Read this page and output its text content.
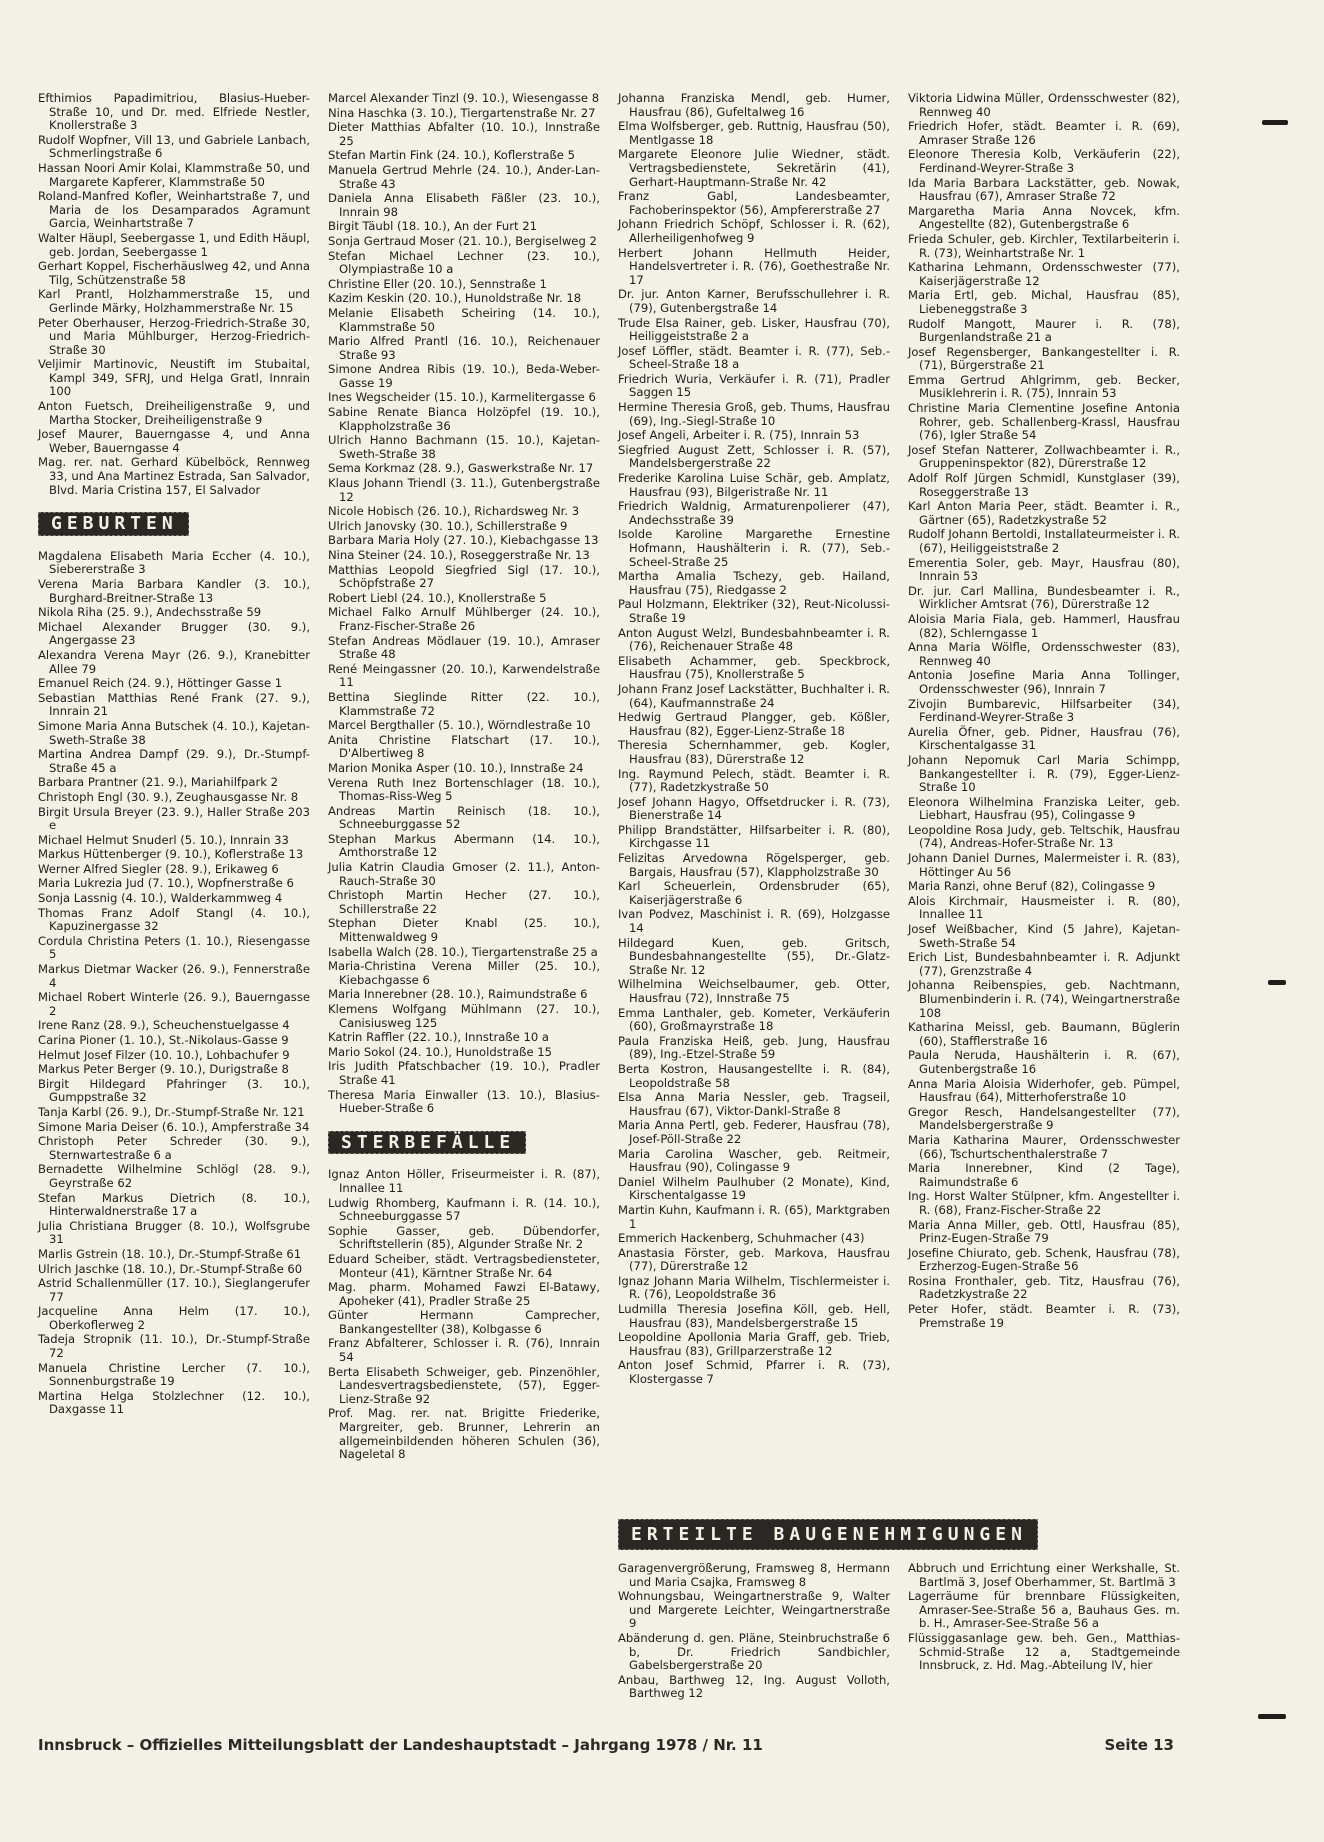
Efthimios Papadimitriou, Blasius-Hueber-Straße 10, und Dr. med. Elfriede Nestler, Knollerstraße 3
Rudolf Wopfner, Vill 13, und Gabriele Lanbach, Schmerlingstraße 6
Hassan Noori Amir Kolai, Klammstraße 50, und Margarete Kapferer, Klammstraße 50
Roland-Manfred Kofler, Weinhartstraße 7, und Maria de los Desamparados Agramunt Garcia, Weinhartstraße 7
Walter Häupl, Seebergasse 1, und Edith Häupl, geb. Jordan, Seebergasse 1
Gerhart Koppel, Fischerhäuslweg 42, und Anna Tilg, Schützenstraße 58
Karl Prantl, Holzhammerstraße 15, und Gerlinde Märky, Holzhammerstraße Nr. 15
Peter Oberhauser, Herzog-Friedrich-Straße 30, und Maria Mühlburger, Herzog-Friedrich-Straße 30
Veljimir Martinovic, Neustift im Stubaital, Kampl 349, SFRJ, und Helga Gratl, Innrain 100
Anton Fuetsch, Dreiheiligenstraße 9, und Martha Stocker, Dreiheiligenstraße 9
Josef Maurer, Bauerngasse 4, und Anna Weber, Bauerngasse 4
Mag. rer. nat. Gerhard Kübelböck, Rennweg 33, und Ana Martinez Estrada, San Salvador, Blvd. Maria Cristina 157, El Salvador
GEBURTEN
Magdalena Elisabeth Maria Eccher (4. 10.), Siebererstraße 3
Verena Maria Barbara Kandler (3. 10.), Burghard-Breitner-Straße 13
Nikola Riha (25. 9.), Andechsstraße 59
Michael Alexander Brugger (30. 9.), Angergasse 23
Alexandra Verena Mayr (26. 9.), Kranebitter Allee 79
Emanuel Reich (24. 9.), Höttinger Gasse 1
Sebastian Matthias René Frank (27. 9.), Innrain 21
Simone Maria Anna Butschek (4. 10.), Kajetan-Sweth-Straße 38
Martina Andrea Dampf (29. 9.), Dr.-Stumpf-Straße 45 a
Barbara Prantner (21. 9.), Mariahilfpark 2
Christoph Engl (30. 9.), Zeughausgasse Nr. 8
Birgit Ursula Breyer (23. 9.), Haller Straße 203 e
Michael Helmut Snuderl (5. 10.), Innrain 33
Markus Hüttenberger (9. 10.), Koflerstraße 13
Werner Alfred Siegler (28. 9.), Erikaweg 6
Maria Lukrezia Jud (7. 10.), Wopfnerstraße 6
Sonja Lassnig (4. 10.), Walderkammweg 4
Thomas Franz Adolf Stangl (4. 10.), Kapuzinergasse 32
Cordula Christina Peters (1. 10.), Riesengasse 5
Markus Dietmar Wacker (26. 9.), Fennerstraße 4
Michael Robert Winterle (26. 9.), Bauerngasse 2
Irene Ranz (28. 9.), Scheuchenstuelgasse 4
Carina Pioner (1. 10.), St.-Nikolaus-Gasse 9
Helmut Josef Filzer (10. 10.), Lohbachufer 9
Markus Peter Berger (9. 10.), Durigstraße 8
Birgit Hildegard Pfahringer (3. 10.), Gumppstraße 32
Tanja Karbl (26. 9.), Dr.-Stumpf-Straße Nr. 121
Simone Maria Deiser (6. 10.), Ampferstraße 34
Christoph Peter Schreder (30. 9.), Sternwartestraße 6 a
Bernadette Wilhelmine Schlögl (28. 9.), Geyrstraße 62
Stefan Markus Dietrich (8. 10.), Hinterwaldnerstraße 17 a
Julia Christiana Brugger (8. 10.), Wolfsgrube 31
Marlis Gstrein (18. 10.), Dr.-Stumpf-Straße 61
Ulrich Jaschke (18. 10.), Dr.-Stumpf-Straße 60
Astrid Schallenmüller (17. 10.), Sieglangerufer 77
Jacqueline Anna Helm (17. 10.), Oberkoflerweg 2
Tadeja Stropnik (11. 10.), Dr.-Stumpf-Straße 72
Manuela Christine Lercher (7. 10.), Sonnenburgstraße 19
Martina Helga Stolzlechner (12. 10.), Daxgasse 11
Marcel Alexander Tinzl (9. 10.), Wiesengasse 8
Nina Haschka (3. 10.), Tiergartenstraße Nr. 27
Dieter Matthias Abfalter (10. 10.), Innstraße 25
Stefan Martin Fink (24. 10.), Koflerstraße 5
Manuela Gertrud Mehrle (24. 10.), Ander-Lan-Straße 43
Daniela Anna Elisabeth Fäßler (23. 10.), Innrain 98
Birgit Täubl (18. 10.), An der Furt 21
Sonja Gertraud Moser (21. 10.), Bergiselweg 2
Stefan Michael Lechner (23. 10.), Olympiastraße 10 a
Christine Eller (20. 10.), Sennstraße 1
Kazim Keskin (20. 10.), Hunoldstraße Nr. 18
Melanie Elisabeth Scheiring (14. 10.), Klammstraße 50
Mario Alfred Prantl (16. 10.), Reichenauer Straße 93
Simone Andrea Ribis (19. 10.), Beda-Weber-Gasse 19
Ines Wegscheider (15. 10.), Karmelitergasse 6
Sabine Renate Bianca Holzöpfel (19. 10.), Klappholzstraße 36
Ulrich Hanno Bachmann (15. 10.), Kajetan-Sweth-Straße 38
Sema Korkmaz (28. 9.), Gaswerkstraße Nr. 17
Klaus Johann Triendl (3. 11.), Gutenbergstraße 12
Nicole Hobisch (26. 10.), Richardsweg Nr. 3
Ulrich Janovsky (30. 10.), Schillerstraße 9
Barbara Maria Holy (27. 10.), Kiebachgasse 13
Nina Steiner (24. 10.), Roseggerstraße Nr. 13
Matthias Leopold Siegfried Sigl (17. 10.), Schöpfstraße 27
Robert Liebl (24. 10.), Knollerstraße 5
Michael Falko Arnulf Mühlberger (24. 10.), Franz-Fischer-Straße 26
Stefan Andreas Mödlauer (19. 10.), Amraser Straße 48
René Meingassner (20. 10.), Karwendelstraße 11
Bettina Sieglinde Ritter (22. 10.), Klammstraße 72
Marcel Bergthaller (5. 10.), Wörndlestraße 10
Anita Christine Flatschart (17. 10.), D'Albertiweg 8
Marion Monika Asper (10. 10.), Innstraße 24
Verena Ruth Inez Bortenschlager (18. 10.), Thomas-Riss-Weg 5
Andreas Martin Reinisch (18. 10.), Schneeburggasse 52
Stephan Markus Abermann (14. 10.), Amthorstraße 12
Julia Katrin Claudia Gmoser (2. 11.), Anton-Rauch-Straße 30
Christoph Martin Hecher (27. 10.), Schillerstraße 22
Stephan Dieter Knabl (25. 10.), Mittenwaldweg 9
Isabella Walch (28. 10.), Tiergartenstraße 25 a
Maria-Christina Verena Miller (25. 10.), Kiebachgasse 6
Maria Innerebner (28. 10.), Raimundstraße 6
Klemens Wolfgang Mühlmann (27. 10.), Canisiusweg 125
Katrin Raffler (22. 10.), Innstraße 10 a
Mario Sokol (24. 10.), Hunoldstraße 15
Iris Judith Pfatschbacher (19. 10.), Pradler Straße 41
Theresa Maria Einwaller (13. 10.), Blasius-Hueber-Straße 6
STERBEFÄLLE
Ignaz Anton Höller, Friseurmeister i. R. (87), Innallee 11
Ludwig Rhomberg, Kaufmann i. R. (14. 10.), Schneeburggasse 57
Sophie Gasser, geb. Dübendorfer, Schriftstellerin (85), Algunder Straße Nr. 2
Eduard Scheiber, städt. Vertragsbediensteter, Monteur (41), Kärntner Straße Nr. 64
Mag. pharm. Mohamed Fawzi El-Batawy, Apoheker (41), Pradler Straße 25
Günter Hermann Camprecher, Bankangestellter (38), Kolbgasse 6
Franz Abfalterer, Schlosser i. R. (76), Innrain 54
Berta Elisabeth Schweiger, geb. Pinzenöhler, Landesvertragsbedienstete, (57), Egger-Lienz-Straße 92
Prof. Mag. rer. nat. Brigitte Friederike, Margreiter, geb. Brunner, Lehrerin an allgemeinbildenden höheren Schulen (36), Nageletal 8
Johanna Franziska Mendl, geb. Humer, Hausfrau (86), Gufeltalweg 16
Elma Wolfsberger, geb. Ruttnig, Hausfrau (50), Mentlgasse 18
Margarete Eleonore Julie Wiedner, städt. Vertragsbedienstete, Sekretärin (41), Gerhart-Hauptmann-Straße Nr. 42
Franz Gabl, Landesbeamter, Fachoberinspektor (56), Ampfererstraße 27
Johann Friedrich Schöpf, Schlosser i. R. (62), Allerheiligenhofweg 9
Herbert Johann Hellmuth Heider, Handelsvertreter i. R. (76), Goethestraße Nr. 17
Dr. jur. Anton Karner, Berufsschullehrer i. R. (79), Gutenbergstraße 14
Trude Elsa Rainer, geb. Lisker, Hausfrau (70), Heiliggeiststraße 2 a
Josef Löffler, städt. Beamter i. R. (77), Seb.-Scheel-Straße 18 a
Friedrich Wuria, Verkäufer i. R. (71), Pradler Saggen 15
Hermine Theresia Groß, geb. Thums, Hausfrau (69), Ing.-Siegl-Straße 10
Josef Angeli, Arbeiter i. R. (75), Innrain 53
Siegfried August Zett, Schlosser i. R. (57), Mandelsbergerstraße 22
Frederike Karolina Luise Schär, geb. Amplatz, Hausfrau (93), Bilgeristraße Nr. 11
Friedrich Waldnig, Armaturenpolierer (47), Andechsstraße 39
Isolde Karoline Margarethe Ernestine Hofmann, Haushälterin i. R. (77), Seb.-Scheel-Straße 25
Martha Amalia Tschezy, geb. Hailand, Hausfrau (75), Riedgasse 2
Paul Holzmann, Elektriker (32), Reut-Nicolussi-Straße 19
Anton August Welzl, Bundesbahnbeamter i. R. (76), Reichenauer Straße 48
Elisabeth Achammer, geb. Speckbrock, Hausfrau (75), Knollerstraße 5
Johann Franz Josef Lackstätter, Buchhalter i. R. (64), Kaufmannstraße 24
Hedwig Gertraud Plangger, geb. Kößler, Hausfrau (82), Egger-Lienz-Straße 18
Theresia Schernhammer, geb. Kogler, Hausfrau (83), Dürerstraße 12
Ing. Raymund Pelech, städt. Beamter i. R. (77), Radetzkystraße 50
Josef Johann Hagyo, Offsetdrucker i. R. (73), Bienerstraße 14
Philipp Brandstätter, Hilfsarbeiter i. R. (80), Kirchgasse 11
Felizitas Arvedowna Rögelsperger, geb. Bargais, Hausfrau (57), Klappholzstraße 30
Karl Scheuerlein, Ordensbruder (65), Kaiserjägerstraße 6
Ivan Podvez, Maschinist i. R. (69), Holzgasse 14
Hildegard Kuen, geb. Gritsch, Bundesbahnangestellte (55), Dr.-Glatz-Straße Nr. 12
Wilhelmina Weichselbaumer, geb. Otter, Hausfrau (72), Innstraße 75
Emma Lanthaler, geb. Kometer, Verkäuferin (60), Großmayrstraße 18
Paula Franziska Heiß, geb. Jung, Hausfrau (89), Ing.-Etzel-Straße 59
Berta Kostron, Hausangestellte i. R. (84), Leopoldstraße 58
Elsa Anna Maria Nessler, geb. Tragseil, Hausfrau (67), Viktor-Dankl-Straße 8
Maria Anna Pertl, geb. Federer, Hausfrau (78), Josef-Pöll-Straße 22
Maria Carolina Wascher, geb. Reitmeir, Hausfrau (90), Colingasse 9
Daniel Wilhelm Paulhuber (2 Monate), Kind, Kirschentalgasse 19
Martin Kuhn, Kaufmann i. R. (65), Marktgraben 1
Emmerich Hackenberg, Schuhmacher (43)
Anastasia Förster, geb. Markova, Hausfrau (77), Dürerstraße 12
Ignaz Johann Maria Wilhelm, Tischlermeister i. R. (76), Leopoldstraße 36
Ludmilla Theresia Josefina Köll, geb. Hell, Hausfrau (83), Mandelsbergerstraße 15
Leopoldine Apollonia Maria Graff, geb. Trieb, Hausfrau (83), Grillparzerstraße 12
Anton Josef Schmid, Pfarrer i. R. (73), Klostergasse 7
Viktoria Lidwina Müller, Ordensschwester (82), Rennweg 40
Friedrich Hofer, städt. Beamter i. R. (69), Amraser Straße 126
Eleonore Theresia Kolb, Verkäuferin (22), Ferdinand-Weyrer-Straße 3
Ida Maria Barbara Lackstätter, geb. Nowak, Hausfrau (67), Amraser Straße 72
Margaretha Maria Anna Novcek, kfm. Angestellte (82), Gutenbergstraße 6
Frieda Schuler, geb. Kirchler, Textilarbeiterin i. R. (73), Weinhartstraße Nr. 1
Katharina Lehmann, Ordensschwester (77), Kaiserjägerstraße 12
Maria Ertl, geb. Michal, Hausfrau (85), Liebeneggstraße 3
Rudolf Mangott, Maurer i. R. (78), Burgenlandstraße 21 a
Josef Regensberger, Bankangestellter i. R. (71), Bürgerstraße 21
Emma Gertrud Ahlgrimm, geb. Becker, Musiklehrerin i. R. (75), Innrain 53
Christine Maria Clementine Josefine Antonia Rohrer, geb. Schallenberg-Krassl, Hausfrau (76), Igler Straße 54
Josef Stefan Natterer, Zollwachbeamter i. R., Gruppeninspektor (82), Dürerstraße 12
Adolf Rolf Jürgen Schmidl, Kunstglaser (39), Roseggerstraße 13
Karl Anton Maria Peer, städt. Beamter i. R., Gärtner (65), Radetzkystraße 52
Rudolf Johann Bertoldi, Installateurmeister i. R. (67), Heiliggeiststraße 2
Emerentia Soler, geb. Mayr, Hausfrau (80), Innrain 53
Dr. jur. Carl Mallina, Bundesbeamter i. R., Wirklicher Amtsrat (76), Dürerstraße 12
Aloisia Maria Fiala, geb. Hammerl, Hausfrau (82), Schlerngasse 1
Anna Maria Wölfle, Ordensschwester (83), Rennweg 40
Antonia Josefine Maria Anna Tollinger, Ordensschwester (96), Innrain 7
Zivojin Bumbarevic, Hilfsarbeiter (34), Ferdinand-Weyrer-Straße 3
Aurelia Öfner, geb. Pidner, Hausfrau (76), Kirschentalgasse 31
Johann Nepomuk Carl Maria Schimpp, Bankangestellter i. R. (79), Egger-Lienz-Straße 10
Eleonora Wilhelmina Franziska Leiter, geb. Liebhart, Hausfrau (95), Colingasse 9
Leopoldine Rosa Judy, geb. Teltschik, Hausfrau (74), Andreas-Hofer-Straße Nr. 13
Johann Daniel Durnes, Malermeister i. R. (83), Höttinger Au 56
Maria Ranzi, ohne Beruf (82), Colingasse 9
Alois Kirchmair, Hausmeister i. R. (80), Innallee 11
Josef Weißbacher, Kind (5 Jahre), Kajetan-Sweth-Straße 54
Erich List, Bundesbahnbeamter i. R. Adjunkt (77), Grenzstraße 4
Johanna Reibenspies, geb. Nachtmann, Blumenbinderin i. R. (74), Weingartnerstraße 108
Katharina Meissl, geb. Baumann, Büglerin (60), Stafflerstraße 16
Paula Neruda, Haushälterin i. R. (67), Gutenbergstraße 16
Anna Maria Aloisia Widerhofer, geb. Pümpel, Hausfrau (64), Mitterhoferstraße 10
Gregor Resch, Handelsangestellter (77), Mandelsbergerstraße 9
Maria Katharina Maurer, Ordensschwester (66), Tschurtschenthalerstraße 7
Maria Innerebner, Kind (2 Tage), Raimundstraße 6
Ing. Horst Walter Stülpner, kfm. Angestellter i. R. (68), Franz-Fischer-Straße 22
Maria Anna Miller, geb. Ottl, Hausfrau (85), Prinz-Eugen-Straße 79
Josefine Chiurato, geb. Schenk, Hausfrau (78), Erzherzog-Eugen-Straße 56
Rosina Fronthaler, geb. Titz, Hausfrau (76), Radetzkystraße 22
Peter Hofer, städt. Beamter i. R. (73), Premstraße 19
ERTEILTE BAUGENEHMIGUNGEN
Garagenvergrößerung, Framsweg 8, Hermann und Maria Csajka, Framsweg 8
Wohnungsbau, Weingartnerstraße 9, Walter und Margerete Leichter, Weingartnerstraße 9
Abänderung d. gen. Pläne, Steinbruchstraße 6 b, Dr. Friedrich Sandbichler, Gabelsbergerstraße 20
Anbau, Barthweg 12, Ing. August Volloth, Barthweg 12
Abbruch und Errichtung einer Werkshalle, St. Bartlmä 3, Josef Oberhammer, St. Bartlmä 3
Lagerräume für brennbare Flüssigkeiten, Amraser-See-Straße 56 a, Bauhaus Ges. m. b. H., Amraser-See-Straße 56 a
Flüssiggasanlage gew. beh. Gen., Matthias-Schmid-Straße 12 a, Stadtgemeinde Innsbruck, z. Hd. Mag.-Abteilung IV, hier
Innsbruck – Offizielles Mitteilungsblatt der Landeshauptstadt – Jahrgang 1978 / Nr. 11	Seite 13
